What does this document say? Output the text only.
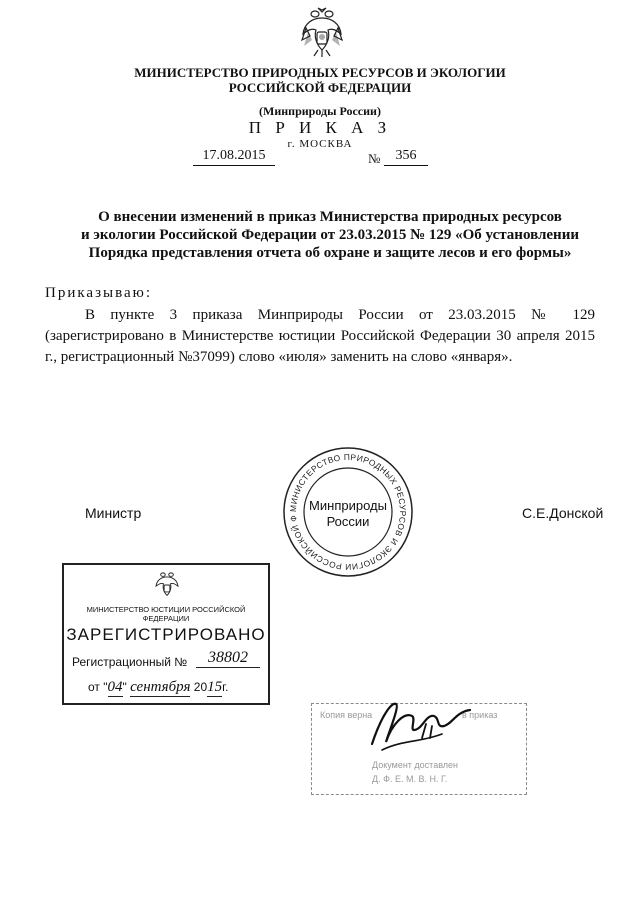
МИНИСТЕРСТВО ПРИРОДНЫХ РЕСУРСОВ И ЭКОЛОГИИ
РОССИЙСКОЙ ФЕДЕРАЦИИ
(Минприроды России)
П Р И К А З
г. МОСКВА
17.08.2015	№	356
О внесении изменений в приказ Министерства природных ресурсов
и экологии Российской Федерации от 23.03.2015 № 129 «Об установлении
Порядка представления отчета об охране и защите лесов и его формы»
Приказываю:
В пункте 3 приказа Минприроды России от 23.03.2015 № 129 (зарегистрировано в Министерстве юстиции Российской Федерации 30 апреля 2015 г., регистрационный №37099) слово «июля» заменить на слово «января».
Министр	С.Е.Донской
МИНИСТЕРСТВО ПРИРОДНЫХ РЕСУРСОВ И ЭКОЛОГИИ РОССИЙСКОЙ Ф
Минприроды
России
МИНИСТЕРСТВО ЮСТИЦИИ РОССИЙСКОЙ ФЕДЕРАЦИИ
ЗАРЕГИСТРИРОВАНО
Регистрационный №	38802
от "04" сентября 2015г.
Копия верна	в приказ
Документ доставлен
Д. Ф. Е. М. В. Н. Г.
